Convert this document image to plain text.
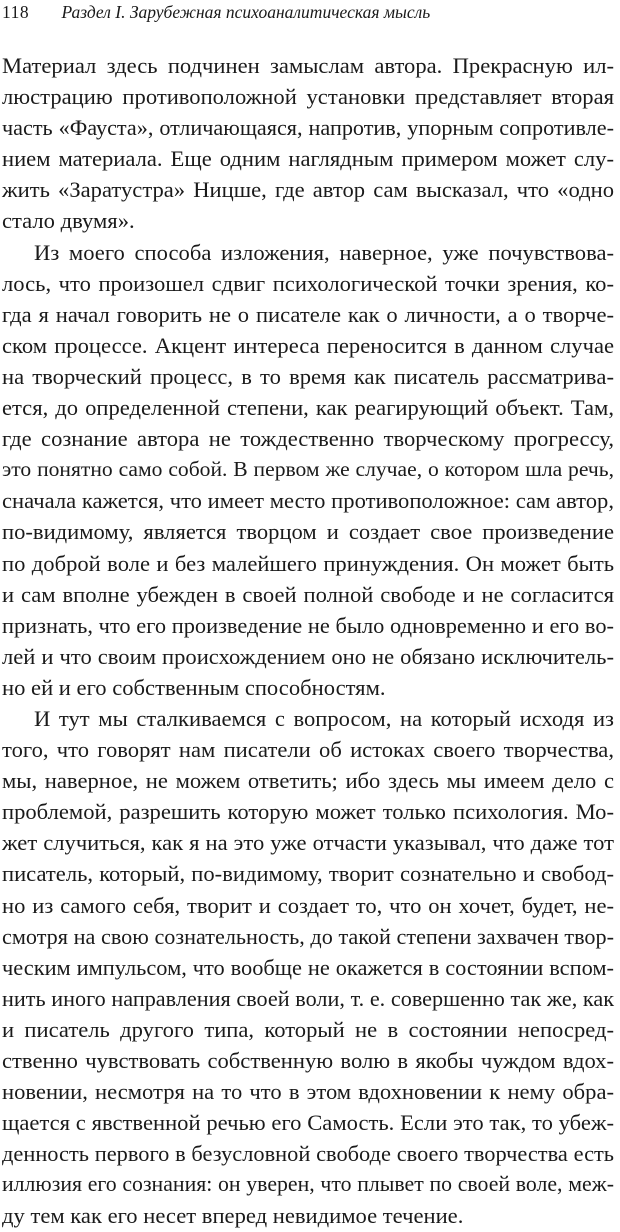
118 Раздел I. Зарубежная психоаналитическая мысль
Материал здесь подчинен замыслам автора. Прекрасную ил-
люстрацию противоположной установки представляет вторая
часть «Фауста», отличающаяся, напротив, упорным сопротивле-
нием материала. Еще одним наглядным примером может слу-
жить «Заратустра» Ницше, где автор сам высказал, что «одно
стало двумя».
Из моего способа изложения, наверное, уже почувствова-
лось, что произошел сдвиг психологической точки зрения, ко-
гда я начал говорить не о писателе как о личности, а о творче-
ском процессе. Акцент интереса переносится в данном случае
на творческий процесс, в то время как писатель рассматривa-
ется, до определенной степени, как реагирующий объект. Там,
где сознание автора не тождественно творческому прогрессу,
это понятно само собой. В первом же случае, о котором шла речь,
сначала кажется, что имеет место противоположное: сам автор,
по-видимому, является творцом и создает свое произведение
по доброй воле и без малейшего принуждения. Он может быть
и сам вполне убежден в своей полной свободе и не согласится
признать, что его произведение не было одновременно и его во-
лей и что своим происхождением оно не обязано исключитель-
но ей и его собственным способностям.
И тут мы сталкиваемся с вопросом, на который исходя из
того, что говорят нам писатели об истоках своего творчества,
мы, наверное, не можем ответить; ибо здесь мы имеем дело с
проблемой, разрешить которую может только психология. Мо-
жет случиться, как я на это уже отчасти указывал, что даже тот
писатель, который, по-видимому, творит сознательно и свобод-
но из самого себя, творит и создает то, что он хочет, будет, не-
смотря на свою сознательность, до такой степени захвачен твор-
ческим импульсом, что вообще не окажется в состоянии вспом-
нить иного направления своей воли, т. е. совершенно так же, как
и писатель другого типа, который не в состоянии непосред-
ственно чувствовать собственную волю в якобы чуждом вдох-
новении, несмотря на то что в этом вдохновении к нему обра-
щается с явственной речью его Самость. Если это так, то убеж-
денность первого в безусловной свободе своего творчества есть
иллюзия его сознания: он уверен, что плывет по своей воле, меж-
ду тем как его несет вперед невидимое течение.
